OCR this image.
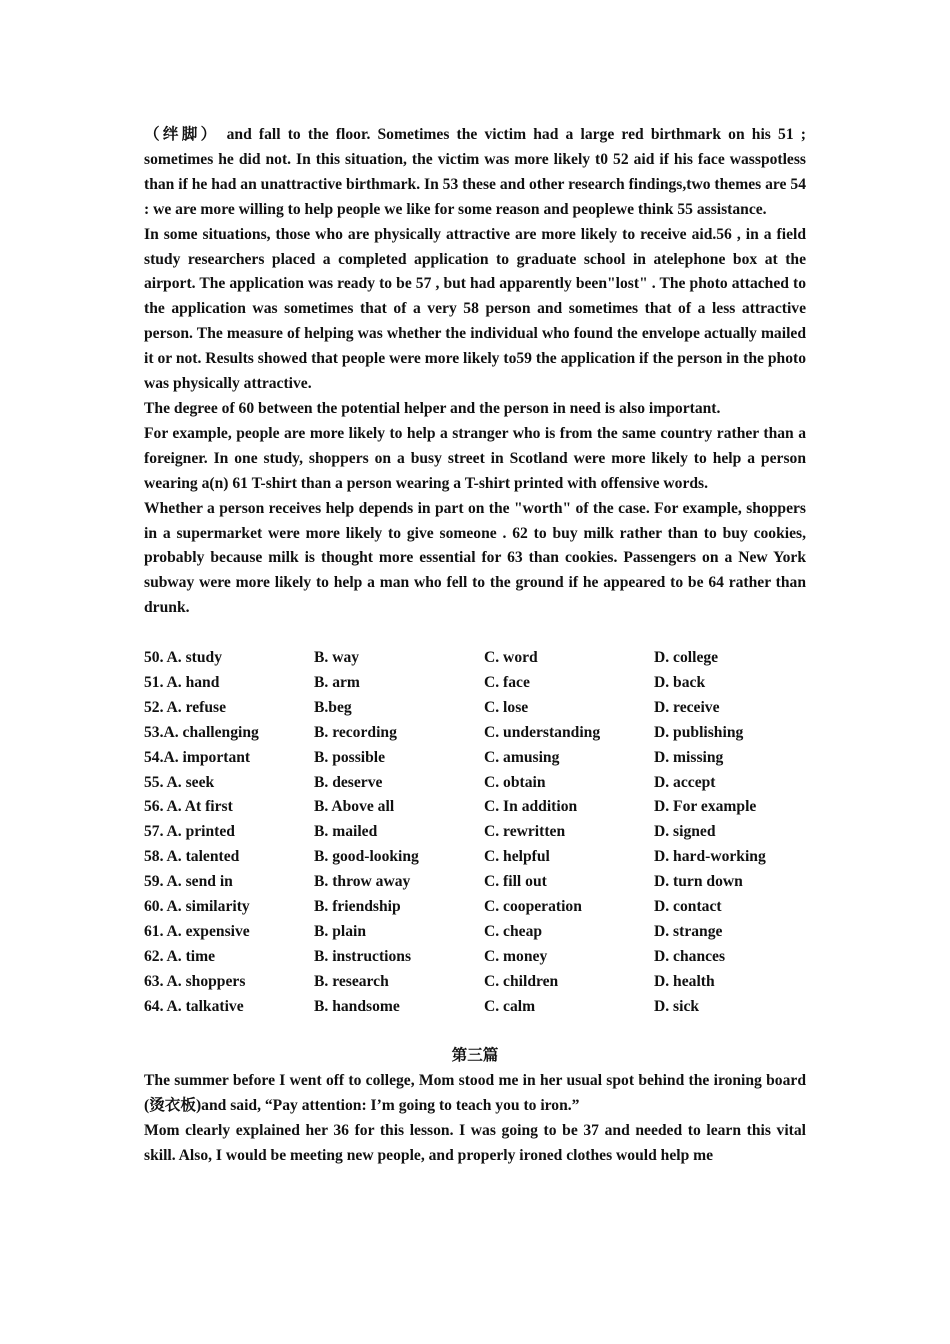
（绊脚） and fall to the floor. Sometimes the victim had a large red birthmark on his 51 ; sometimes he did not. In this situation, the victim was more likely t0 52 aid if his face wasspotless than if he had an unattractive birthmark. In 53 these and other research findings,two themes are 54 : we are more willing to help people we like for some reason and peoplewe think 55 assistance.

In some situations, those who are physically attractive are more likely to receive aid.56 , in a field study researchers placed a completed application to graduate school in atelephone box at the airport. The application was ready to be 57 , but had apparently been"lost" . The photo attached to the application was sometimes that of a very 58 person and sometimes that of a less attractive person. The measure of helping was whether the individual who found the envelope actually mailed it or not. Results showed that people were more likely to59 the application if the person in the photo was physically attractive.

The degree of 60 between the potential helper and the person in need is also important.

For example, people are more likely to help a stranger who is from the same country rather than a foreigner. In one study, shoppers on a busy street in Scotland were more likely to help a person wearing a(n) 61 T-shirt than a person wearing a T-shirt printed with offensive words.

Whether a person receives help depends in part on the "worth" of the case. For example, shoppers in a supermarket were more likely to give someone . 62 to buy milk rather than to buy cookies, probably because milk is thought more essential for 63 than cookies. Passengers on a New York subway were more likely to help a man who fell to the ground if he appeared to be 64 rather than drunk.

50. A. study	B. way	C. word	D. college
51. A. hand	B. arm	C. face	D. back
52. A. refuse	B.beg	C. lose	D. receive
53.A. challenging	B. recording	C. understanding	D. publishing
54.A. important	B. possible	C. amusing	D. missing
55. A. seek	B. deserve	C. obtain	D. accept
56. A. At first	B. Above all	C. In addition	D. For example
57. A. printed	B. mailed	C. rewritten	D. signed
58. A. talented	B. good-looking	C. helpful	D. hard-working
59. A. send in	B. throw away	C. fill out	D. turn down
60. A. similarity	B. friendship	C. cooperation	D. contact
61. A. expensive	B. plain	C. cheap	D. strange
62. A. time	B. instructions	C. money	D. chances
63. A. shoppers	B. research	C. children	D. health
64. A. talkative	B. handsome	C. calm	D. sick
第三篇

The summer before I went off to college, Mom stood me in her usual spot behind the ironing board (烫衣板)and said, “Pay attention: I’m going to teach you to iron.”

Mom clearly explained her 36 for this lesson. I was going to be 37 and needed to learn this vital skill. Also, I would be meeting new people, and properly ironed clothes would help me
